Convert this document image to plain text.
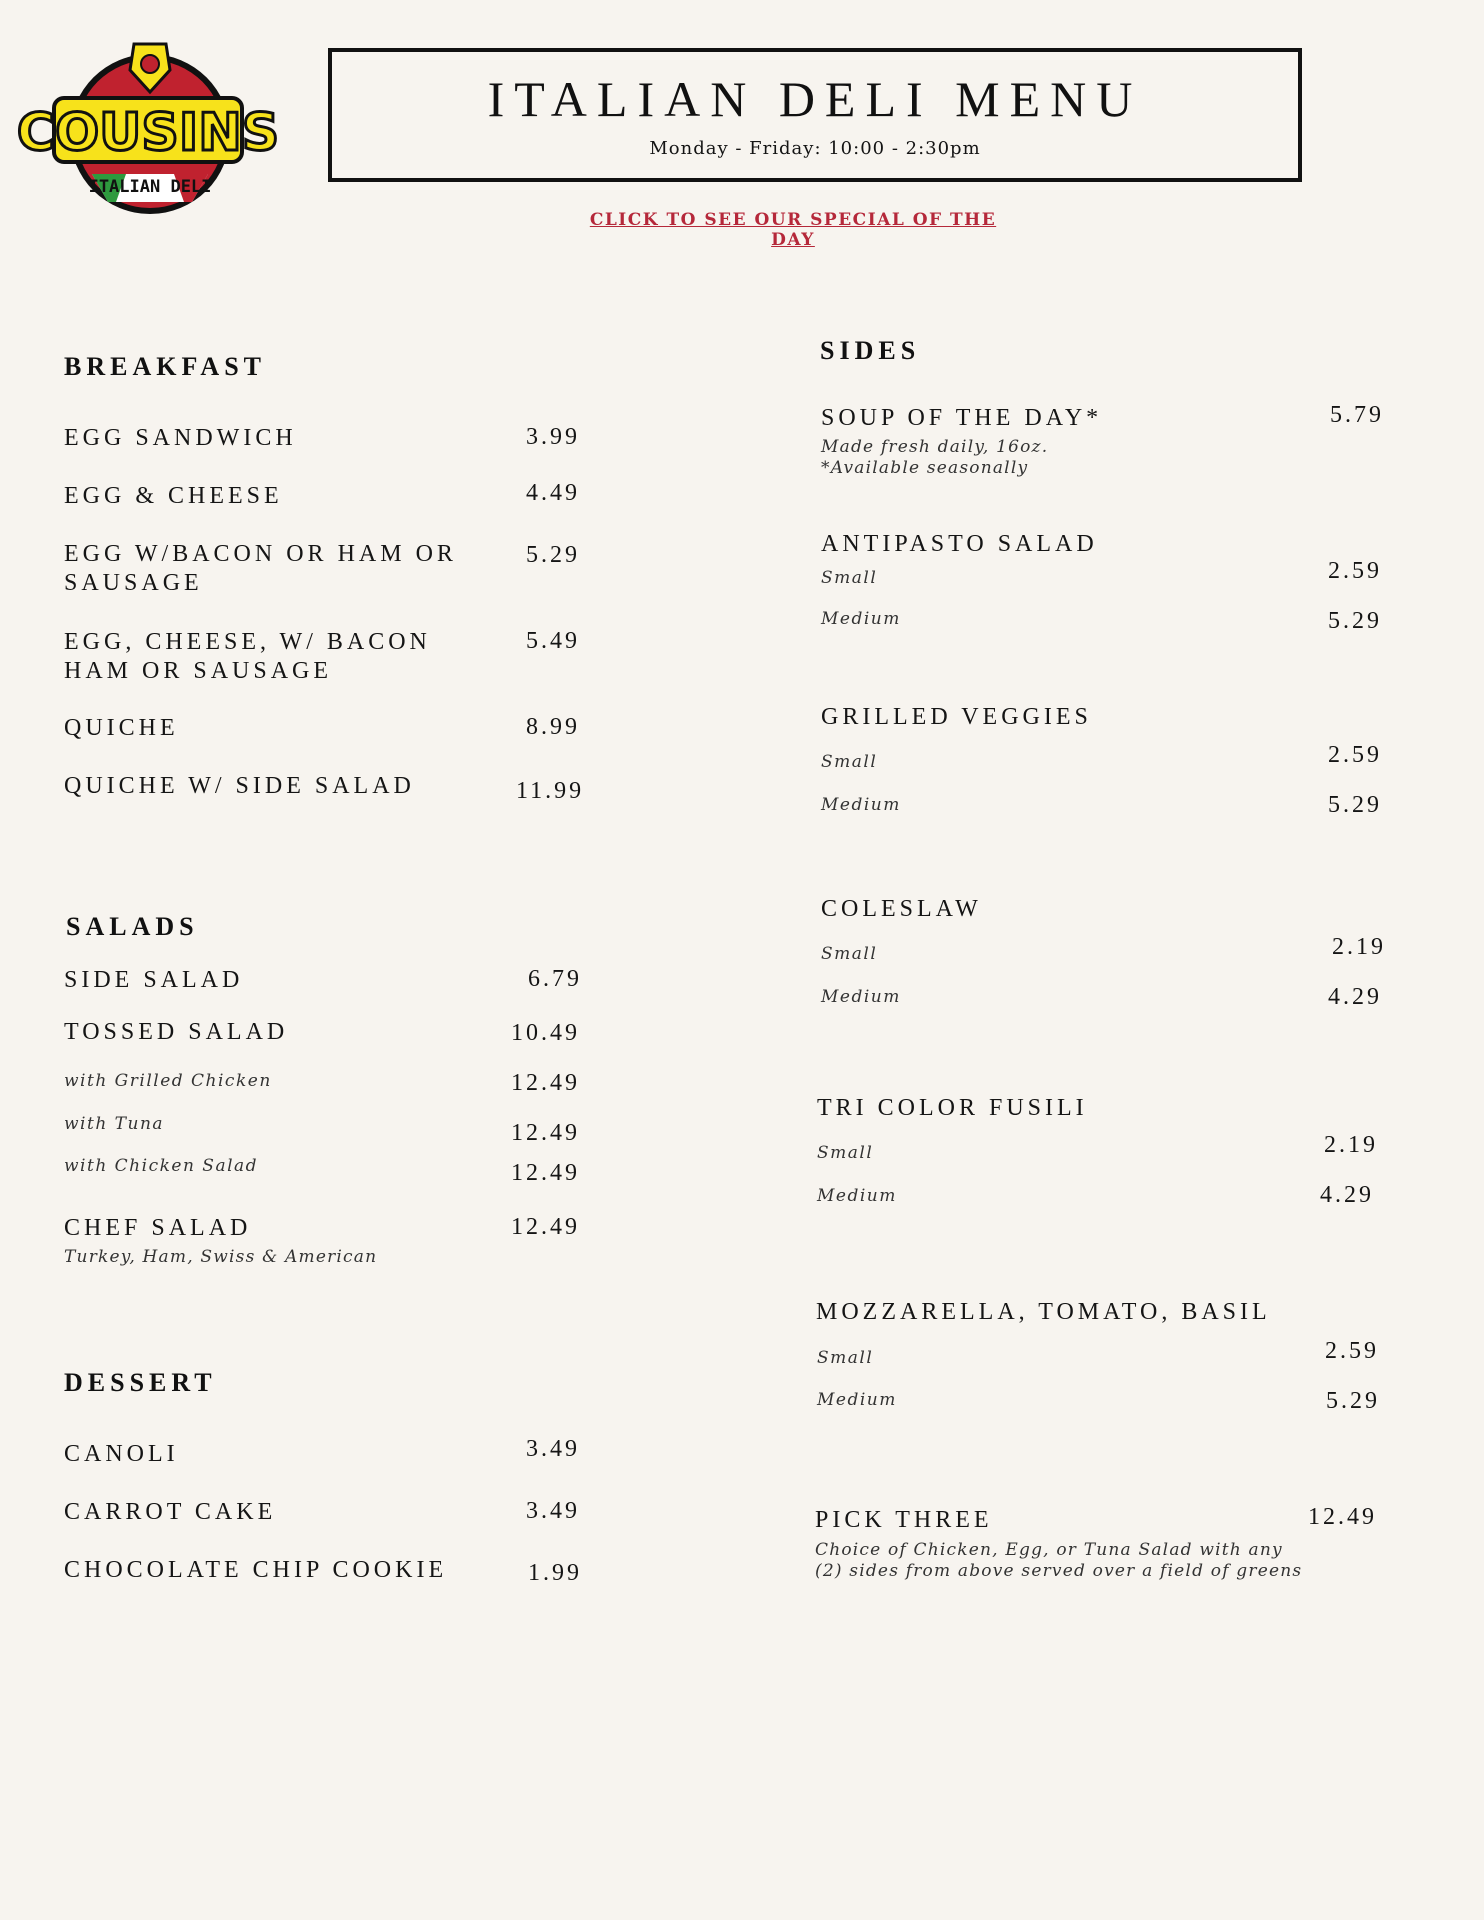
COUSINS
ITALIAN DELI
ITALIAN DELI MENU
Monday - Friday: 10:00 - 2:30pm
CLICK TO SEE OUR SPECIAL OF THE DAY
BREAKFAST
EGG SANDWICH	3.99
EGG & CHEESE	4.49
EGG W/BACON OR HAM OR
SAUSAGE
5.29
EGG, CHEESE, W/ BACON
HAM OR SAUSAGE
5.49
QUICHE	8.99
QUICHE W/ SIDE SALAD	11.99
SALADS
SIDE SALAD	6.79
TOSSED SALAD	10.49
with Grilled Chicken	12.49
with Tuna	12.49
with Chicken Salad	12.49
CHEF SALAD	12.49
Turkey, Ham, Swiss & American
DESSERT
CANOLI	3.49
CARROT CAKE	3.49
CHOCOLATE CHIP COOKIE	1.99
SIDES
SOUP OF THE DAY*	5.79
Made fresh daily, 16oz.
*Available seasonally
ANTIPASTO SALAD
Small	2.59
Medium	5.29
GRILLED VEGGIES
Small	2.59
Medium	5.29
COLESLAW
Small	2.19
Medium	4.29
TRI COLOR FUSILI
Small	2.19
Medium	4.29
MOZZARELLA, TOMATO, BASIL
Small	2.59
Medium	5.29
PICK THREE	12.49
Choice of Chicken, Egg, or Tuna Salad with any
(2) sides from above served over a field of greens
